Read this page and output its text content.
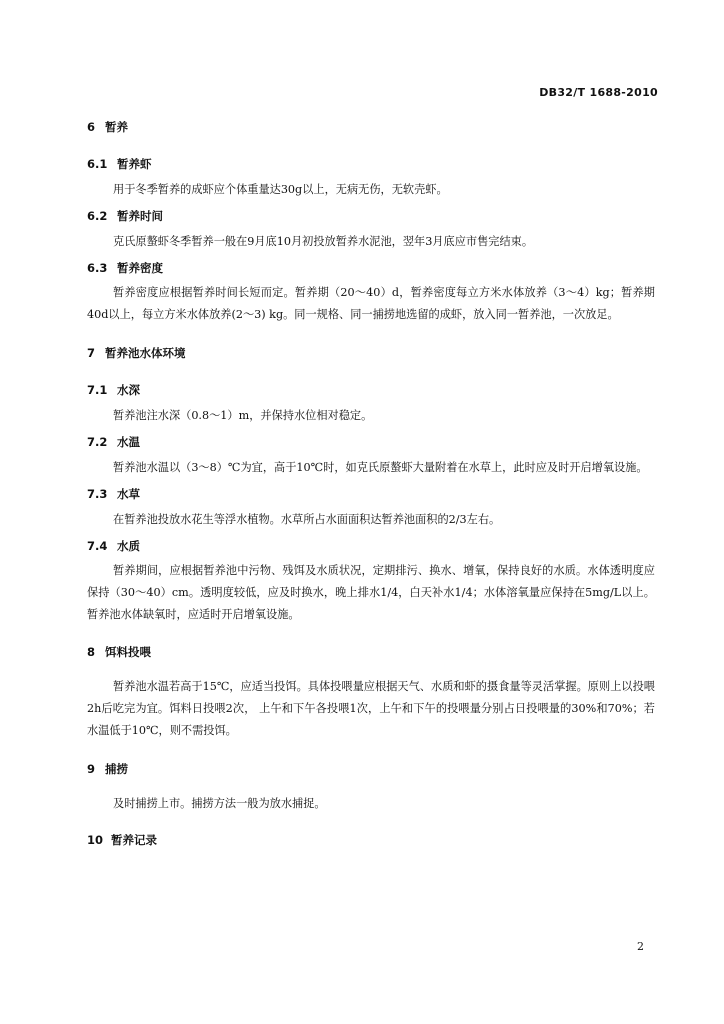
DB32/T 1688-2010
6 暂养
6.1 暂养虾

用于冬季暂养的成虾应个体重量达30g以上，无病无伤，无软壳虾。

6.2 暂养时间

克氏原螯虾冬季暂养一般在9月底10月初投放暂养水泥池，翌年3月底应市售完结束。

6.3 暂养密度

暂养密度应根据暂养时间长短而定。暂养期（20～40）d，暂养密度每立方米水体放养（3～4）kg；暂养期40d以上，每立方米水体放养(2～3) kg。同一规格、同一捕捞地选留的成虾，放入同一暂养池，一次放足。

7 暂养池水体环境
7.1 水深

暂养池注水深（0.8～1）m，并保持水位相对稳定。

7.2 水温

暂养池水温以（3～8）℃为宜，高于10℃时，如克氏原螯虾大量附着在水草上，此时应及时开启增氧设施。

7.3 水草

在暂养池投放水花生等浮水植物。水草所占水面面积达暂养池面积的2/3左右。

7.4 水质

暂养期间，应根据暂养池中污物、残饵及水质状况，定期排污、换水、增氧，保持良好的水质。水体透明度应保持（30～40）cm。透明度较低，应及时换水，晚上排水1/4，白天补水1/4；水体溶氧量应保持在5mg/L以上。暂养池水体缺氧时，应适时开启增氧设施。

8 饵料投喂

暂养池水温若高于15℃，应适当投饵。具体投喂量应根据天气、水质和虾的摄食量等灵活掌握。原则上以投喂2h后吃完为宜。饵料日投喂2次， 上午和下午各投喂1次，上午和下午的投喂量分别占日投喂量的30%和70%；若水温低于10℃，则不需投饵。

9 捕捞

及时捕捞上市。捕捞方法一般为放水捕捉。

10 暂养记录
2
